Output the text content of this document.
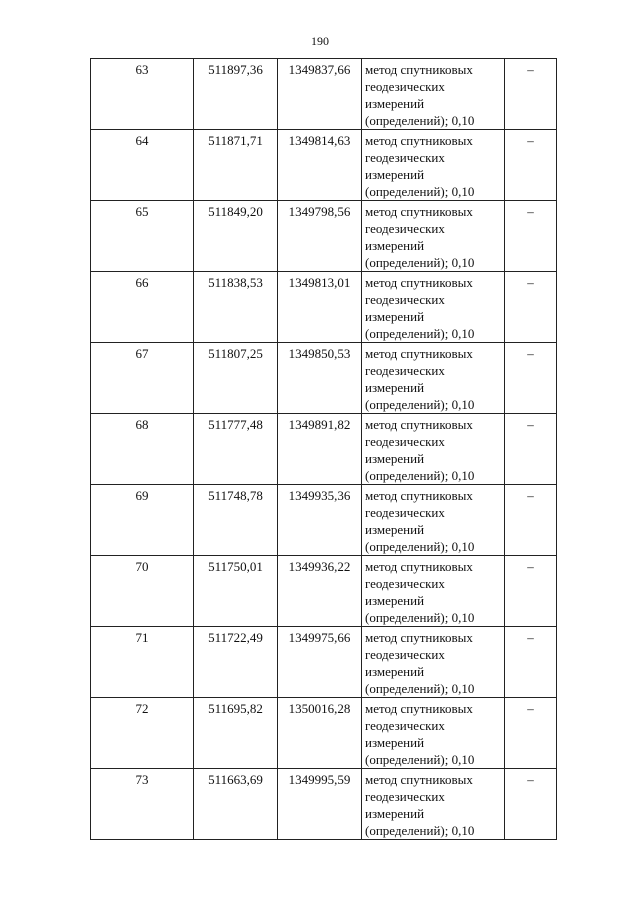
190
63	511897,36	1349837,66	метод спутниковых
геодезических
измерений
(определений); 0,10	–
64	511871,71	1349814,63	метод спутниковых
геодезических
измерений
(определений); 0,10	–
65	511849,20	1349798,56	метод спутниковых
геодезических
измерений
(определений); 0,10	–
66	511838,53	1349813,01	метод спутниковых
геодезических
измерений
(определений); 0,10	–
67	511807,25	1349850,53	метод спутниковых
геодезических
измерений
(определений); 0,10	–
68	511777,48	1349891,82	метод спутниковых
геодезических
измерений
(определений); 0,10	–
69	511748,78	1349935,36	метод спутниковых
геодезических
измерений
(определений); 0,10	–
70	511750,01	1349936,22	метод спутниковых
геодезических
измерений
(определений); 0,10	–
71	511722,49	1349975,66	метод спутниковых
геодезических
измерений
(определений); 0,10	–
72	511695,82	1350016,28	метод спутниковых
геодезических
измерений
(определений); 0,10	–
73	511663,69	1349995,59	метод спутниковых
геодезических
измерений
(определений); 0,10	–
